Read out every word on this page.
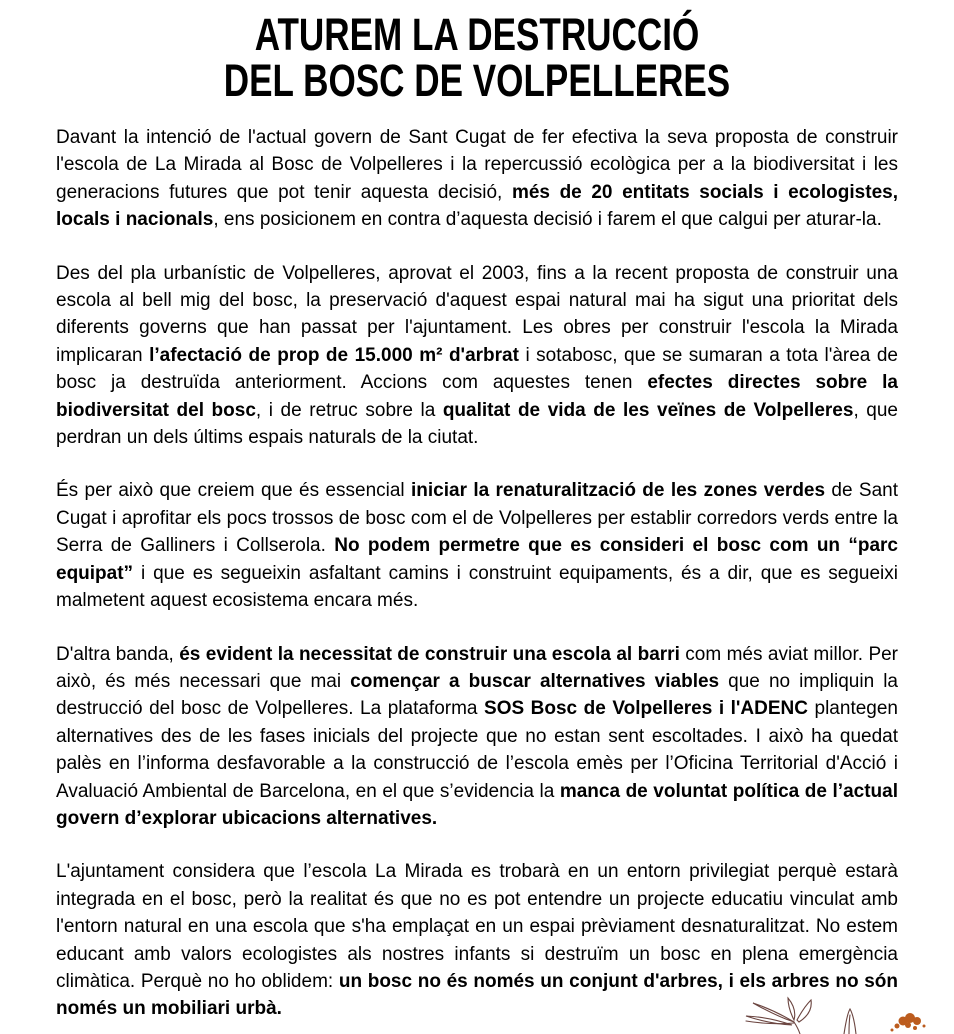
ATUREM LA DESTRUCCIÓ
DEL BOSC DE VOLPELLERES

Davant la intenció de l'actual govern de Sant Cugat de fer efectiva la seva proposta de construir l'escola de La Mirada al Bosc de Volpelleres i la repercussió ecològica per a la biodiversitat i les generacions futures que pot tenir aquesta decisió, més de 20 entitats socials i ecologistes, locals i nacionals, ens posicionem en contra d’aquesta decisió i farem el que calgui per aturar-la.

Des del pla urbanístic de Volpelleres, aprovat el 2003, fins a la recent proposta de construir una escola al bell mig del bosc, la preservació d'aquest espai natural mai ha sigut una prioritat dels diferents governs que han passat per l'ajuntament. Les obres per construir l'escola la Mirada implicaran l’afectació de prop de 15.000 m² d'arbrat i sotabosc, que se sumaran a tota l'àrea de bosc ja destruïda anteriorment. Accions com aquestes tenen efectes directes sobre la biodiversitat del bosc, i de retruc sobre la qualitat de vida de les veïnes de Volpelleres, que perdran un dels últims espais naturals de la ciutat.

És per això que creiem que és essencial iniciar la renaturalització de les zones verdes de Sant Cugat i aprofitar els pocs trossos de bosc com el de Volpelleres per establir corredors verds entre la Serra de Galliners i Collserola. No podem permetre que es consideri el bosc com un “parc equipat” i que es segueixin asfaltant camins i construint equipaments, és a dir, que es segueixi malmetent aquest ecosistema encara més.

D'altra banda, és evident la necessitat de construir una escola al barri com més aviat millor. Per això, és més necessari que mai començar a buscar alternatives viables que no impliquin la destrucció del bosc de Volpelleres. La plataforma SOS Bosc de Volpelleres i l'ADENC plantegen alternatives des de les fases inicials del projecte que no estan sent escoltades. I això ha quedat palès en l’informa desfavorable a la construcció de l’escola emès per l’Oficina Territorial d'Acció i Avaluació Ambiental de Barcelona, en el que s’evidencia la manca de voluntat política de l’actual govern d’explorar ubicacions alternatives.

L'ajuntament considera que l’escola La Mirada es trobarà en un entorn privilegiat perquè estarà integrada en el bosc, però la realitat és que no es pot entendre un projecte educatiu vinculat amb l'entorn natural en una escola que s'ha emplaçat en un espai prèviament desnaturalitzat. No estem educant amb valors ecologistes als nostres infants si destruïm un bosc en plena emergència climàtica. Perquè no ho oblidem: un bosc no és només un conjunt d'arbres, i els arbres no són només un mobiliari urbà.
